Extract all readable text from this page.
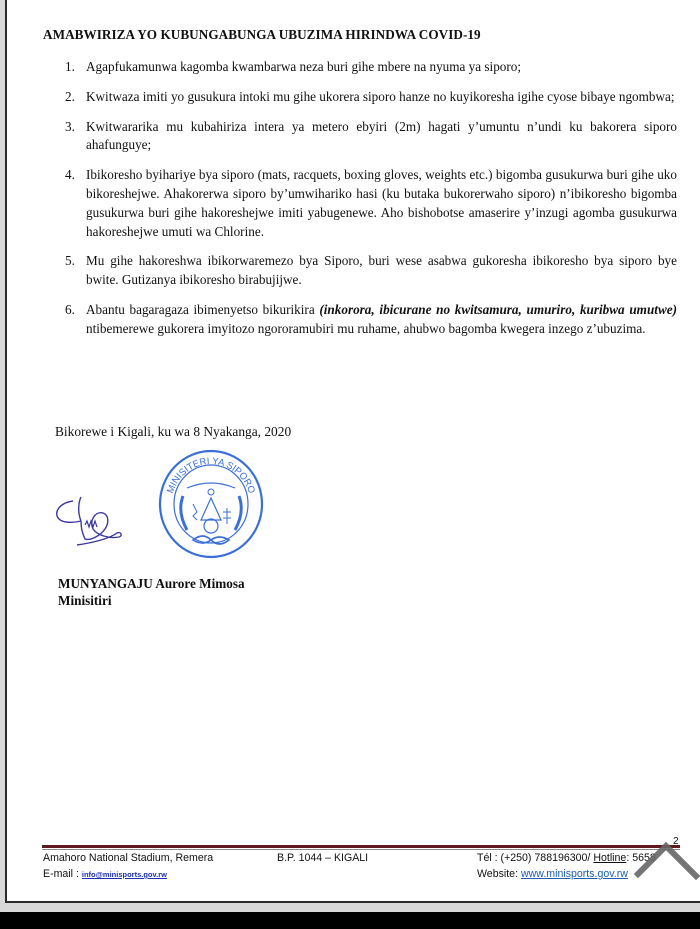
AMABWIRIZA YO KUBUNGABUNGA UBUZIMA HIRINDWA COVID-19
1. Agapfukamunwa kagomba kwambarwa neza buri gihe mbere na nyuma ya siporo;
2. Kwitwaza imiti yo gusukura intoki mu gihe ukorera siporo hanze no kuyikoresha igihe cyose bibaye ngombwa;
3. Kwitwararika mu kubahiriza intera ya metero ebyiri (2m) hagati y’umuntu n’undi ku bakorera siporo ahafunguye;
4. Ibikoresho byihariye bya siporo (mats, racquets, boxing gloves, weights etc.) bigomba gusukurwa buri gihe uko bikoreshejwe. Ahakorerwa siporo by’umwihariko hasi (ku butaka bukorerwaho siporo) n’ibikoresho bigomba gusukurwa buri gihe hakoreshejwe imiti yabugenewe. Aho bishobotse amaserire y’inzugi agomba gusukurwa hakoreshejwe umuti wa Chlorine.
5. Mu gihe hakoreshwa ibikorwaremezo bya Siporo, buri wese asabwa gukoresha ibikoresho bya siporo bye bwite. Gutizanya ibikoresho birabujijwe.
6. Abantu bagaragaza ibimenyetso bikurikira (inkorora, ibicurane no kwitsamura, umuriro, kuribwa umutwe) ntibemerewe gukorera imyitozo ngororamubiri mu ruhame, ahubwo bagomba kwegera inzego z’ubuzima.
Bikorewe i Kigali, ku wa 8 Nyakanga, 2020
MINISITERI YA SIPORO
MUNYANGAJU Aurore Mimosa
Minisitiri
2
Amahoro National Stadium, Remera	B.P. 1044 – KIGALI
E-mail : info@minisports.gov.rw
Tél : (+250) 788196300/ Hotline: 5658
Website: www.minisports.gov.rw
